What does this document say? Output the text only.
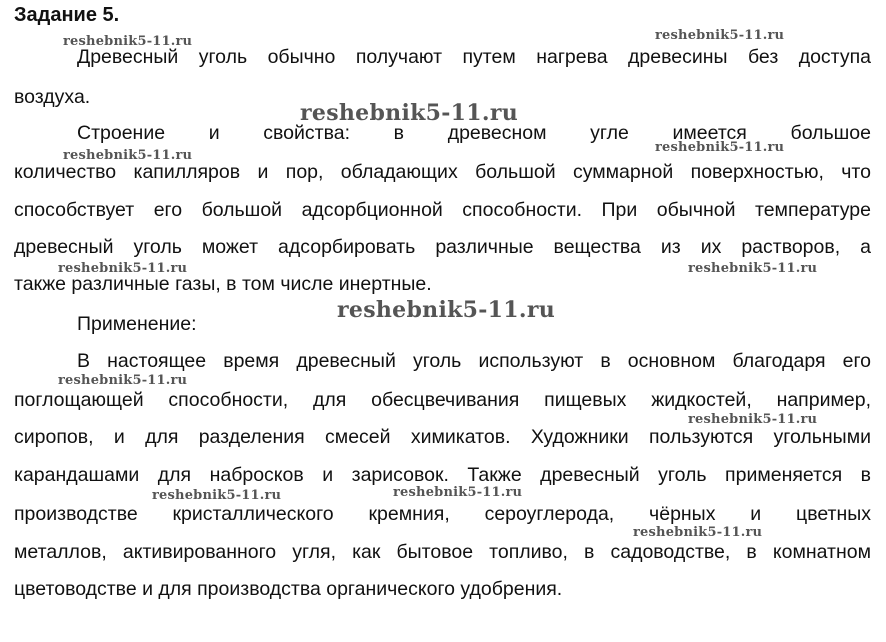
Задание 5.

Древесный уголь обычно получают путем нагрева древесины без доступа

воздуха.

Строение и свойства: в древесном угле имеется большое

количество капилляров и пор, обладающих большой суммарной поверхностью, что

способствует его большой адсорбционной способности. При обычной температуре

древесный уголь может адсорбировать различные вещества из их растворов, а

также различные газы, в том числе инертные.

Применение:

В настоящее время древесный уголь используют в основном благодаря его

поглощающей способности, для обесцвечивания пищевых жидкостей, например,

сиропов, и для разделения смесей химикатов. Художники пользуются угольными

карандашами для набросков и зарисовок. Также древесный уголь применяется в

производстве кристаллического кремния, сероуглерода, чёрных и цветных

металлов, активированного угля, как бытовое топливо, в садоводстве, в комнатном

цветоводстве и для производства органического удобрения.

reshebnik5-11.ru	reshebnik5-11.ru
reshebnik5-11.ru
reshebnik5-11.ru
reshebnik5-11.ru
reshebnik5-11.ru	reshebnik5-11.ru
reshebnik5-11.ru
reshebnik5-11.ru
reshebnik5-11.ru
reshebnik5-11.ru	reshebnik5-11.ru
reshebnik5-11.ru
